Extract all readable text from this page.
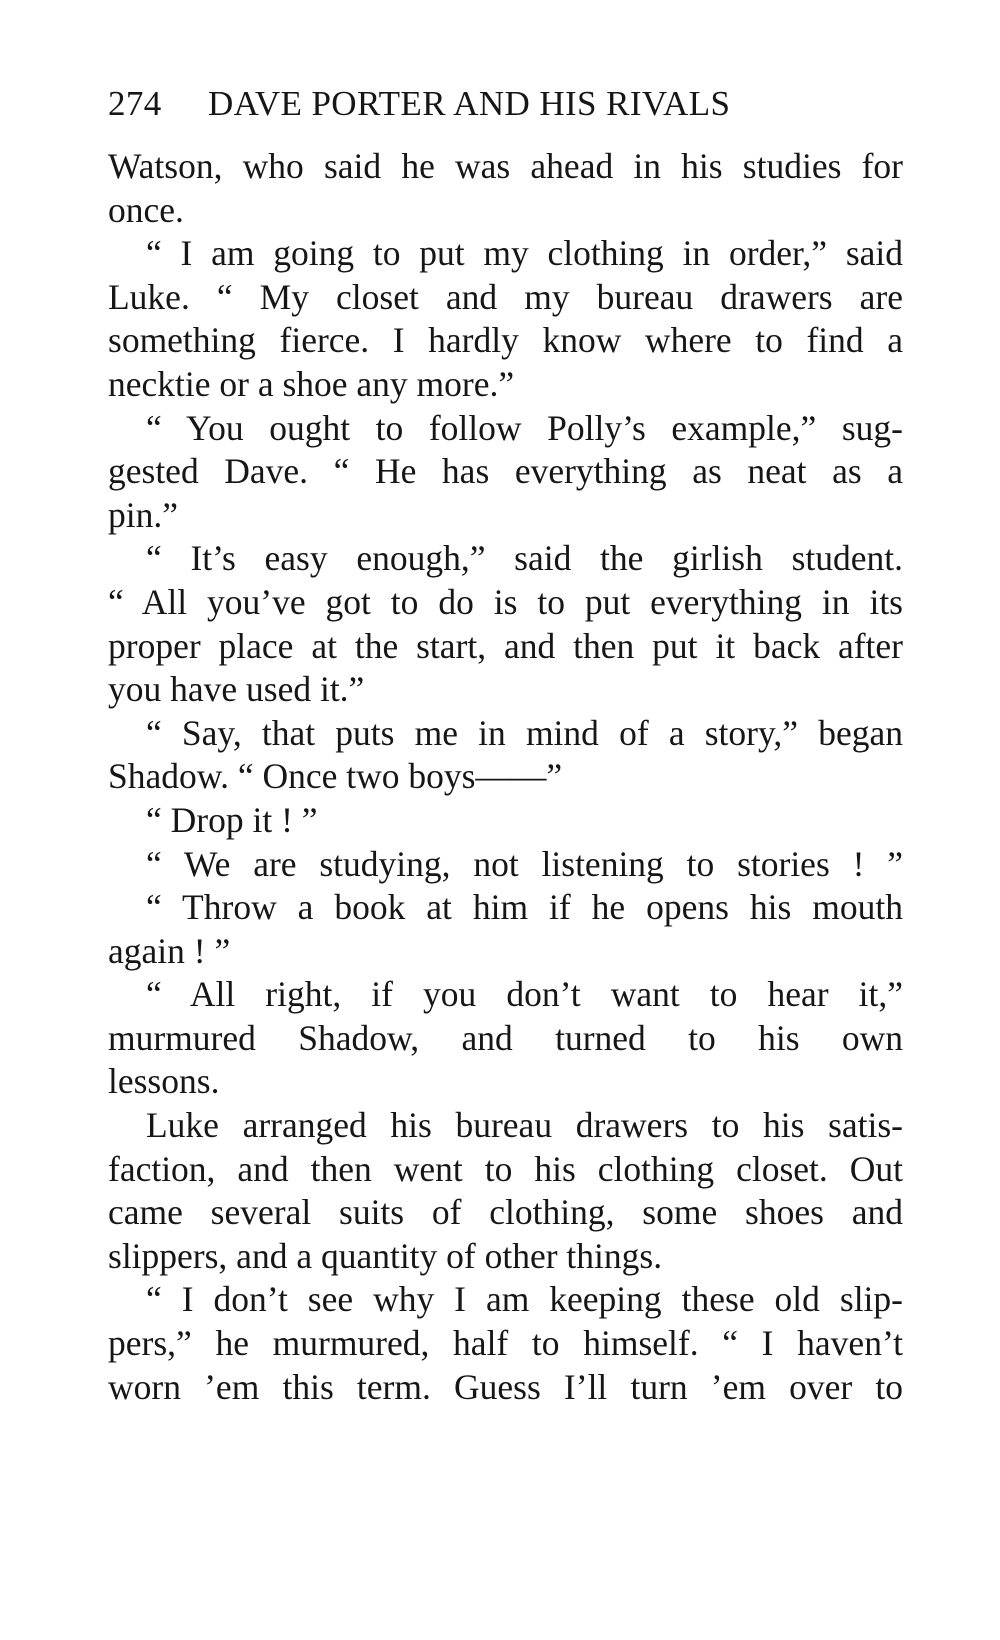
274 DAVE PORTER AND HIS RIVALS
Watson, who said he was ahead in his studies for
once.
“ I am going to put my clothing in order,” said
Luke. “ My closet and my bureau drawers are
something fierce. I hardly know where to find a
necktie or a shoe any more.”
“ You ought to follow Polly’s example,” sug-
gested Dave. “ He has everything as neat as a
pin.”
“ It’s easy enough,” said the girlish student.
“ All you’ve got to do is to put everything in its
proper place at the start, and then put it back after
you have used it.”
“ Say, that puts me in mind of a story,” began
Shadow. “ Once two boys——”
“ Drop it ! ”
“ We are studying, not listening to stories ! ”
“ Throw a book at him if he opens his mouth
again ! ”
“ All right, if you don’t want to hear it,”
murmured Shadow, and turned to his own
lessons.
Luke arranged his bureau drawers to his satis-
faction, and then went to his clothing closet. Out
came several suits of clothing, some shoes and
slippers, and a quantity of other things.
“ I don’t see why I am keeping these old slip-
pers,” he murmured, half to himself. “ I haven’t
worn ’em this term. Guess I’ll turn ’em over to
